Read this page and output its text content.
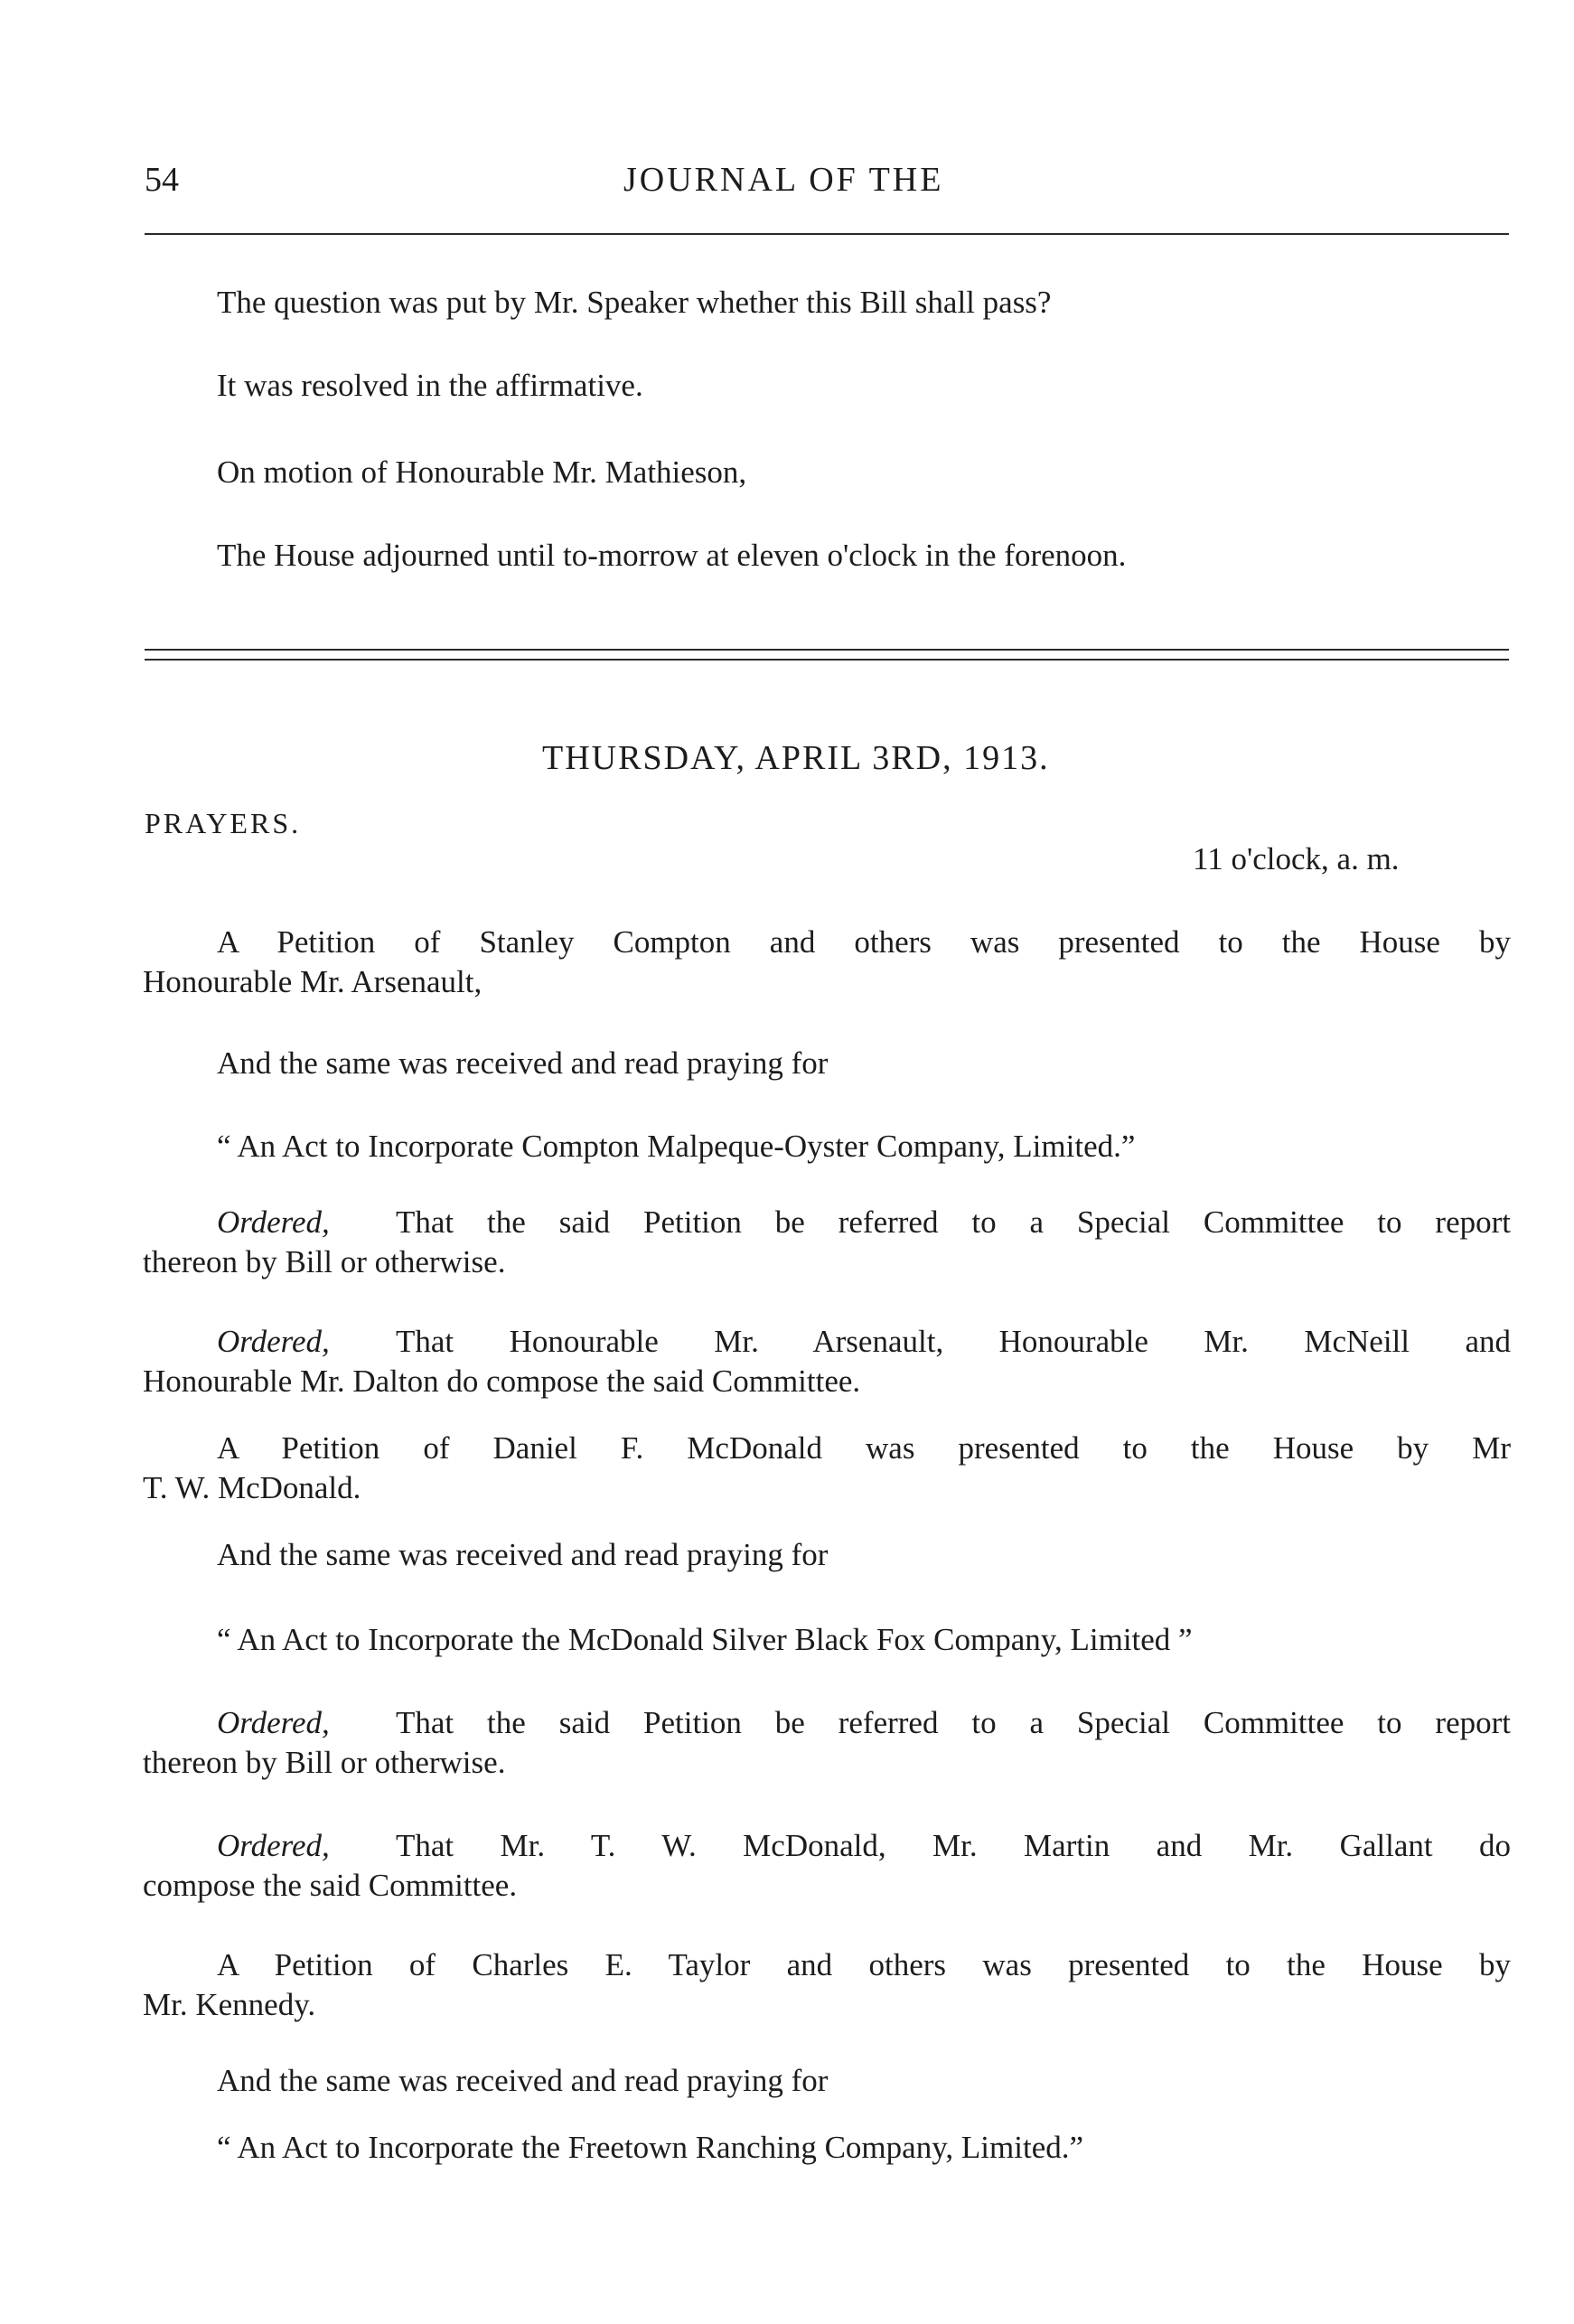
54	JOURNAL OF THE
The question was put by Mr. Speaker whether this Bill shall pass?
It was resolved in the affirmative.
On motion of Honourable Mr. Mathieson,
The House adjourned until to-morrow at eleven o'clock in the forenoon.
THURSDAY, APRIL 3RD, 1913.
PRAYERS.
11 o'clock, a. m.
A Petition of Stanley Compton and others was presented to the House by
Honourable Mr. Arsenault,
And the same was received and read praying for
“ An Act to Incorporate Compton Malpeque-Oyster Company, Limited.”
Ordered, That the said Petition be referred to a Special Committee to report
thereon by Bill or otherwise.
Ordered, That Honourable Mr. Arsenault, Honourable Mr. McNeill and
Honourable Mr. Dalton do compose the said Committee.
A Petition of Daniel F. McDonald was presented to the House by Mr
T. W. McDonald.
And the same was received and read praying for
“ An Act to Incorporate the McDonald Silver Black Fox Company, Limited ”
Ordered, That the said Petition be referred to a Special Committee to report
thereon by Bill or otherwise.
Ordered, That Mr. T. W. McDonald, Mr. Martin and Mr. Gallant do
compose the said Committee.
A Petition of Charles E. Taylor and others was presented to the House by
Mr. Kennedy.
And the same was received and read praying for
“ An Act to Incorporate the Freetown Ranching Company, Limited.”
